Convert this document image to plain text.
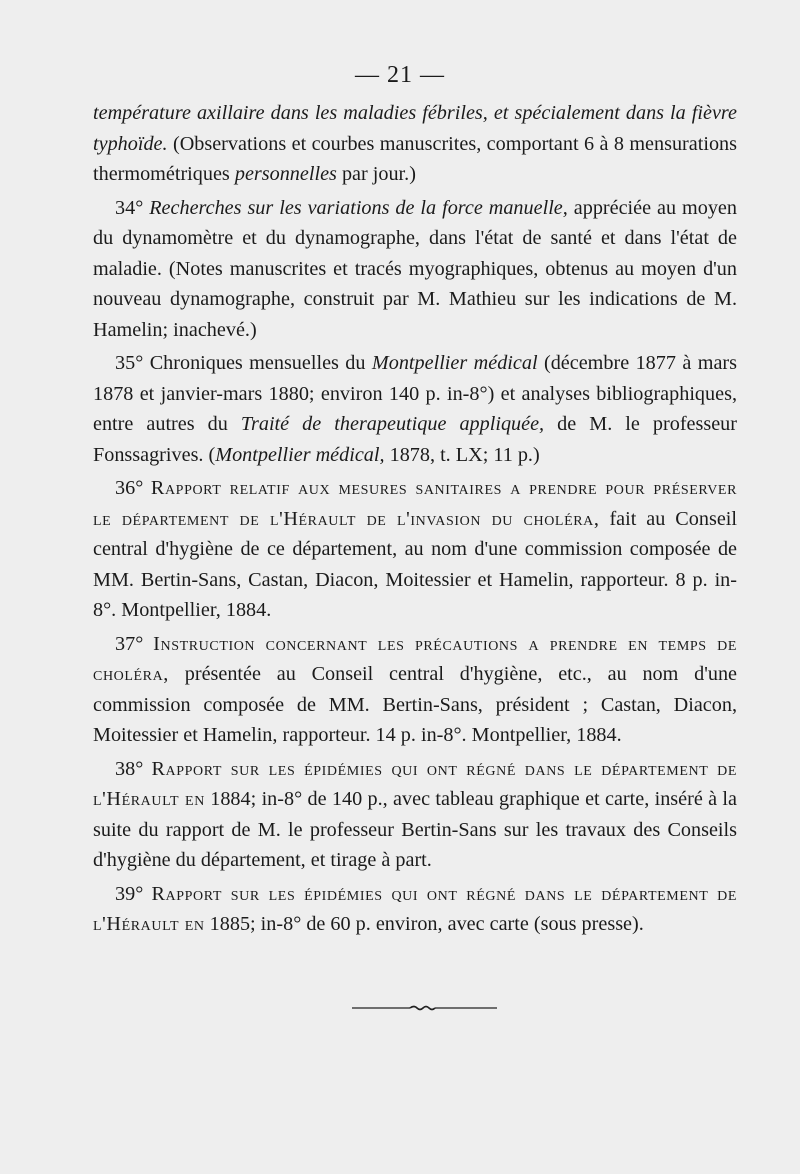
— 21 —

température axillaire dans les maladies fébriles, et spécialement dans la fièvre typhoïde. (Observations et courbes manuscrites, comportant 6 à 8 mensurations thermométriques personnelles par jour.)

34° Recherches sur les variations de la force manuelle, appréciée au moyen du dynamomètre et du dynamographe, dans l'état de santé et dans l'état de maladie. (Notes manuscrites et tracés myographiques, obtenus au moyen d'un nouveau dynamographe, construit par M. Mathieu sur les indications de M. Hamelin; inachevé.)

35° Chroniques mensuelles du Montpellier médical (décembre 1877 à mars 1878 et janvier-mars 1880; environ 140 p. in-8°) et analyses bibliographiques, entre autres du Traité de therapeutique appliquée, de M. le professeur Fonssagrives. (Montpellier médical, 1878, t. LX; 11 p.)

36° Rapport relatif aux mesures sanitaires a prendre pour préserver le département de l'Hérault de l'invasion du choléra, fait au Conseil central d'hygiène de ce département, au nom d'une commission composée de MM. Bertin-Sans, Castan, Diacon, Moitessier et Hamelin, rapporteur. 8 p. in-8°. Montpellier, 1884.

37° Instruction concernant les précautions a prendre en temps de choléra, présentée au Conseil central d'hygiène, etc., au nom d'une commission composée de MM. Bertin-Sans, président ; Castan, Diacon, Moitessier et Hamelin, rapporteur. 14 p. in-8°. Montpellier, 1884.

38° Rapport sur les épidémies qui ont régné dans le département de l'Hérault en 1884; in-8° de 140 p., avec tableau graphique et carte, inséré à la suite du rapport de M. le professeur Bertin-Sans sur les travaux des Conseils d'hygiène du département, et tirage à part.

39° Rapport sur les épidémies qui ont régné dans le département de l'Hérault en 1885; in-8° de 60 p. environ, avec carte (sous presse).
